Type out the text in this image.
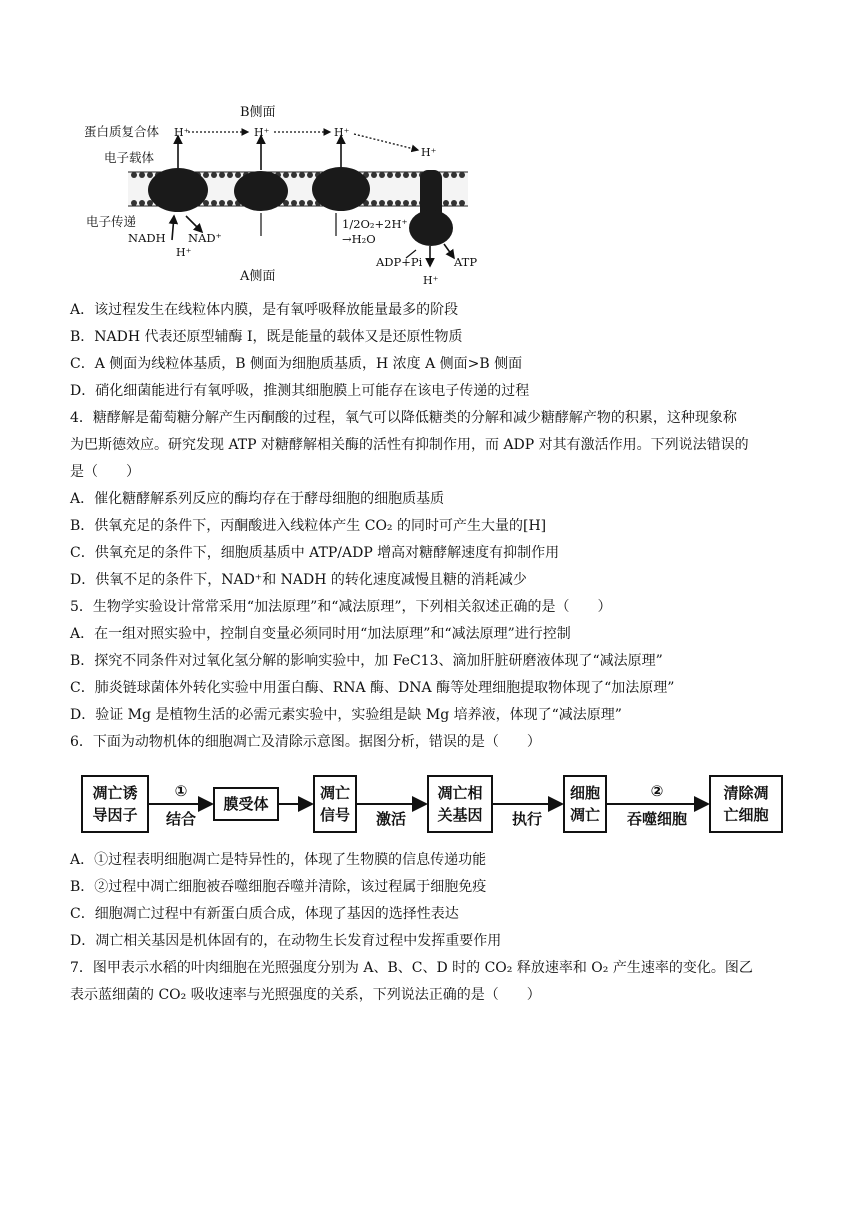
B侧面
蛋白质复合体 H⁺	H⁺	H⁺
H⁺
电子载体
电子传递
NADH NAD⁺
H⁺
1/2O₂+2H⁺
→H₂O
A侧面
ADP+Pi	ATP
H⁺
A．该过程发生在线粒体内膜，是有氧呼吸释放能量最多的阶段
B．NADH 代表还原型辅酶 I，既是能量的载体又是还原性物质
C．A 侧面为线粒体基质，B 侧面为细胞质基质，H 浓度 A 侧面>B 侧面
D．硝化细菌能进行有氧呼吸，推测其细胞膜上可能存在该电子传递的过程
4．糖酵解是葡萄糖分解产生丙酮酸的过程，氧气可以降低糖类的分解和减少糖酵解产物的积累，这种现象称
为巴斯德效应。研究发现 ATP 对糖酵解相关酶的活性有抑制作用，而 ADP 对其有激活作用。下列说法错误的
是（　　）
A．催化糖酵解系列反应的酶均存在于酵母细胞的细胞质基质
B．供氧充足的条件下，丙酮酸进入线粒体产生 CO₂ 的同时可产生大量的[H]
C．供氧充足的条件下，细胞质基质中 ATP/ADP 增高对糖酵解速度有抑制作用
D．供氧不足的条件下，NAD⁺和 NADH 的转化速度减慢且糖的消耗减少
5．生物学实验设计常常采用“加法原理”和“减法原理”，下列相关叙述正确的是（　　）
A．在一组对照实验中，控制自变量必须同时用“加法原理”和“减法原理”进行控制
B．探究不同条件对过氧化氢分解的影响实验中，加 FeC13、滴加肝脏研磨液体现了“减法原理”
C．肺炎链球菌体外转化实验中用蛋白酶、RNA 酶、DNA 酶等处理细胞提取物体现了“加法原理”
D．验证 Mg 是植物生活的必需元素实验中，实验组是缺 Mg 培养液，体现了“减法原理”
6．下面为动物机体的细胞凋亡及清除示意图。据图分析，错误的是（　　）
凋亡诱
导因子
①
结合
膜受体
凋亡
信号 激活
凋亡相
关基因 执行
细胞
凋亡
②
吞噬细胞
清除凋
亡细胞
A．①过程表明细胞凋亡是特异性的，体现了生物膜的信息传递功能
B．②过程中凋亡细胞被吞噬细胞吞噬并清除，该过程属于细胞免疫
C．细胞凋亡过程中有新蛋白质合成，体现了基因的选择性表达
D．凋亡相关基因是机体固有的，在动物生长发育过程中发挥重要作用
7．图甲表示水稻的叶肉细胞在光照强度分别为 A、B、C、D 时的 CO₂ 释放速率和 O₂ 产生速率的变化。图乙
表示蓝细菌的 CO₂ 吸收速率与光照强度的关系，下列说法正确的是（　　）
